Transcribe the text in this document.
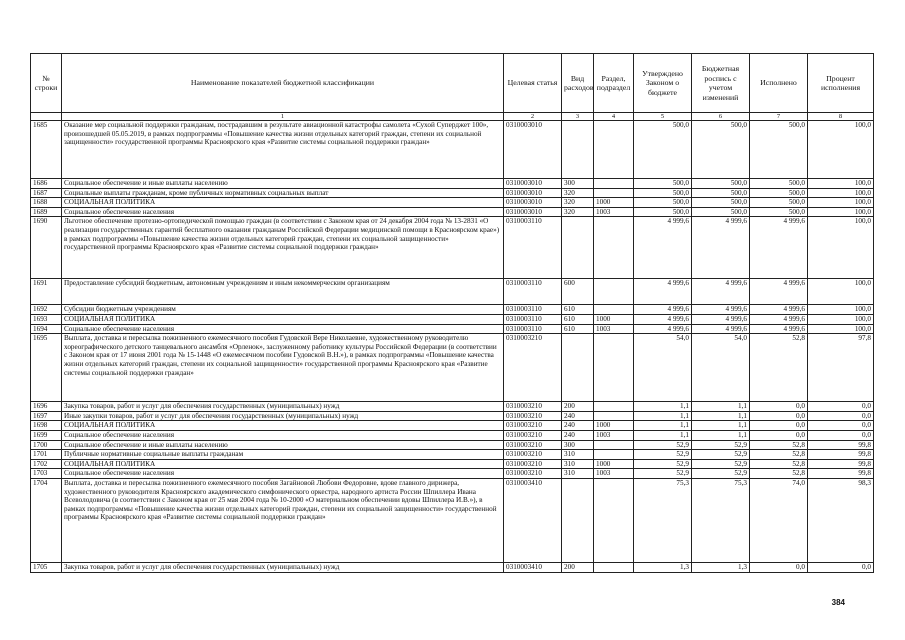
№ строки	Наименование показателей бюджетной классификации	Целевая статья	Вид расходов	Раздел, подраздел	Утверждено Законом о бюджете	Бюджетная роспись с учетом изменений	Исполнено	Процент исполнения
	1	2	3	4	5	6	7	8
1685	Оказание мер социальной поддержки гражданам, пострадавшим в результате авиационной катастрофы самолета «Сухой Суперджет 100», произошедшей 05.05.2019, в рамках подпрограммы «Повышение качества жизни отдельных категорий граждан, степени их социальной защищенности» государственной программы Красноярского края «Развитие системы социальной поддержки граждан»	0310003010			500,0	500,0	500,0	100,0
1686	Социальное обеспечение и иные выплаты населению	0310003010	300		500,0	500,0	500,0	100,0
1687	Социальные выплаты гражданам, кроме публичных нормативных социальных выплат	0310003010	320		500,0	500,0	500,0	100,0
1688	СОЦИАЛЬНАЯ ПОЛИТИКА	0310003010	320	1000	500,0	500,0	500,0	100,0
1689	Социальное обеспечение населения	0310003010	320	1003	500,0	500,0	500,0	100,0
1690	Льготное обеспечение протезно-ортопедической помощью граждан (в соответствии с Законом края от 24 декабря 2004 года № 13-2831 «О реализации государственных гарантий бесплатного оказания гражданам Российской Федерации медицинской помощи в Красноярском крае») в рамках подпрограммы «Повышение качества жизни отдельных категорий граждан, степени их социальной защищенности» государственной программы Красноярского края «Развитие системы социальной поддержки граждан»	0310003110			4 999,6	4 999,6	4 999,6	100,0
1691	Предоставление субсидий бюджетным, автономным учреждениям и иным некоммерческим организациям	0310003110	600		4 999,6	4 999,6	4 999,6	100,0
1692	Субсидии бюджетным учреждениям	0310003110	610		4 999,6	4 999,6	4 999,6	100,0
1693	СОЦИАЛЬНАЯ ПОЛИТИКА	0310003110	610	1000	4 999,6	4 999,6	4 999,6	100,0
1694	Социальное обеспечение населения	0310003110	610	1003	4 999,6	4 999,6	4 999,6	100,0
1695	Выплата, доставка и пересылка пожизненного ежемесячного пособия Гудовской Вере Николаевне, художественному руководителю хореографического детского танцевального ансамбля «Орленок», заслуженному работнику культуры Российской Федерации (в соответствии с Законом края от 17 июня 2001 года № 15-1448 «О ежемесячном пособии Гудовской В.Н.»), в рамках подпрограммы «Повышение качества жизни отдельных категорий граждан, степени их социальной защищенности» государственной программы Красноярского края «Развитие системы социальной поддержки граждан»	0310003210			54,0	54,0	52,8	97,8
1696	Закупка товаров, работ и услуг для обеспечения государственных (муниципальных) нужд	0310003210	200		1,1	1,1	0,0	0,0
1697	Иные закупки товаров, работ и услуг для обеспечения государственных (муниципальных) нужд	0310003210	240		1,1	1,1	0,0	0,0
1698	СОЦИАЛЬНАЯ ПОЛИТИКА	0310003210	240	1000	1,1	1,1	0,0	0,0
1699	Социальное обеспечение населения	0310003210	240	1003	1,1	1,1	0,0	0,0
1700	Социальное обеспечение и иные выплаты населению	0310003210	300		52,9	52,9	52,8	99,8
1701	Публичные нормативные социальные выплаты гражданам	0310003210	310		52,9	52,9	52,8	99,8
1702	СОЦИАЛЬНАЯ ПОЛИТИКА	0310003210	310	1000	52,9	52,9	52,8	99,8
1703	Социальное обеспечение населения	0310003210	310	1003	52,9	52,9	52,8	99,8
1704	Выплата, доставка и пересылка пожизненного ежемесячного пособия Загайновой Любови Федоровне, вдове главного дирижера, художественного руководителя Красноярского академического симфонического оркестра, народного артиста России Шпиллера Ивана Всеволодовича (в соответствии с Законом края от 25 мая 2004 года № 10-2000 «О материальном обеспечении вдовы Шпиллера И.В.»), в рамках подпрограммы «Повышение качества жизни отдельных категорий граждан, степени их социальной защищенности» государственной программы Красноярского края «Развитие системы социальной поддержки граждан»	0310003410			75,3	75,3	74,0	98,3
1705	Закупка товаров, работ и услуг для обеспечения государственных (муниципальных) нужд	0310003410	200		1,3	1,3	0,0	0,0
384
